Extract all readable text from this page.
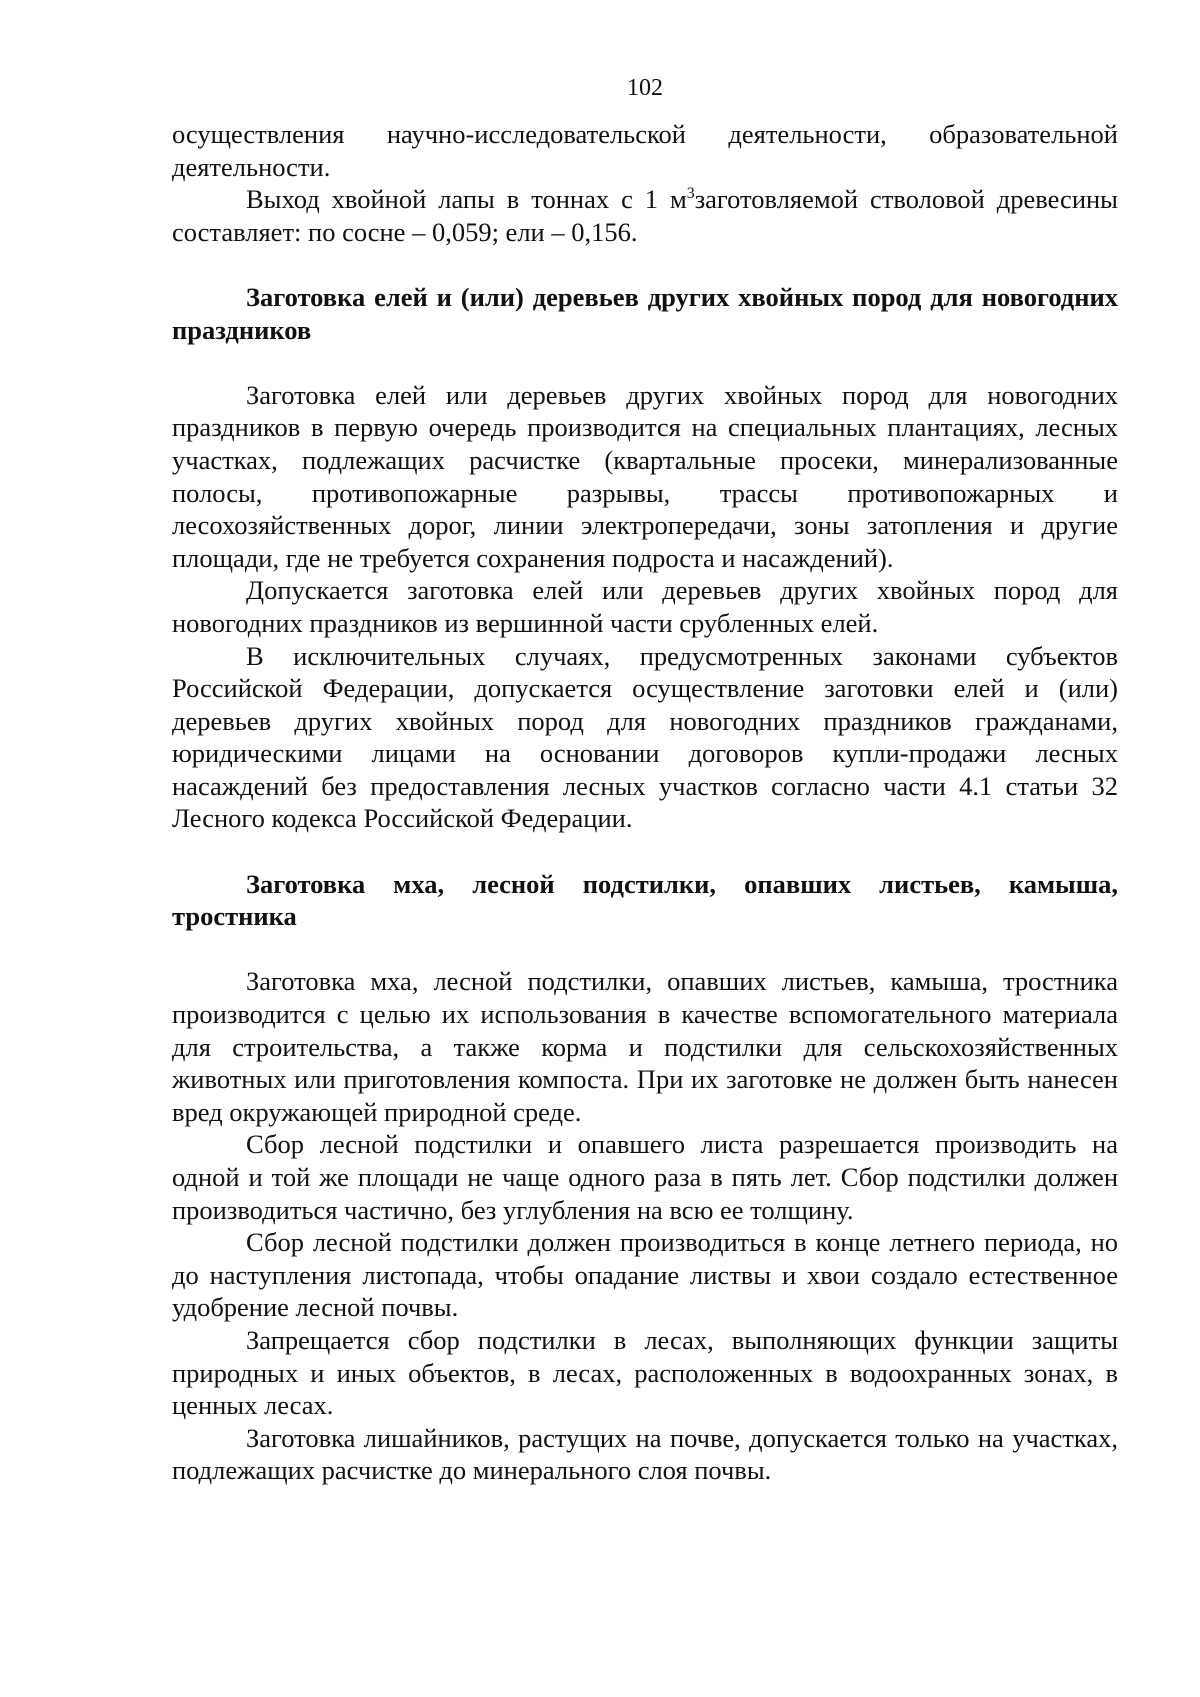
102

осуществления научно-исследовательской деятельности, образовательной деятельности.

Выход хвойной лапы в тоннах с 1 $м^3заготовляемой$ стволовой древесины составляет: по сосне – 0,059; ели – 0,156.

Заготовка елей и (или) деревьев других хвойных пород для новогодних праздников

Заготовка елей или деревьев других хвойных пород для новогодних праздников в первую очередь производится на специальных плантациях, лесных участках, подлежащих расчистке (квартальные просеки, минерализованные полосы, противопожарные разрывы, трассы противопожарных и лесохозяйственных дорог, линии электропередачи, зоны затопления и другие площади, где не требуется сохранения подроста и насаждений).

Допускается заготовка елей или деревьев других хвойных пород для новогодних праздников из вершинной части срубленных елей.

В исключительных случаях, предусмотренных законами субъектов Российской Федерации, допускается осуществление заготовки елей и (или) деревьев других хвойных пород для новогодних праздников гражданами, юридическими лицами на основании договоров купли-продажи лесных насаждений без предоставления лесных участков согласно части 4.1 статьи 32 Лесного кодекса Российской Федерации.

Заготовка мха, лесной подстилки, опавших листьев, камыша, тростника

Заготовка мха, лесной подстилки, опавших листьев, камыша, тростника производится с целью их использования в качестве вспомогательного материала для строительства, а также корма и подстилки для сельскохозяйственных животных или приготовления компоста. При их заготовке не должен быть нанесен вред окружающей природной среде.

Сбор лесной подстилки и опавшего листа разрешается производить на одной и той же площади не чаще одного раза в пять лет. Сбор подстилки должен производиться частично, без углубления на всю ее толщину.

Сбор лесной подстилки должен производиться в конце летнего периода, но до наступления листопада, чтобы опадание листвы и хвои создало естественное удобрение лесной почвы.

Запрещается сбор подстилки в лесах, выполняющих функции защиты природных и иных объектов, в лесах, расположенных в водоохранных зонах, в ценных лесах.

Заготовка лишайников, растущих на почве, допускается только на участках, подлежащих расчистке до минерального слоя почвы.
